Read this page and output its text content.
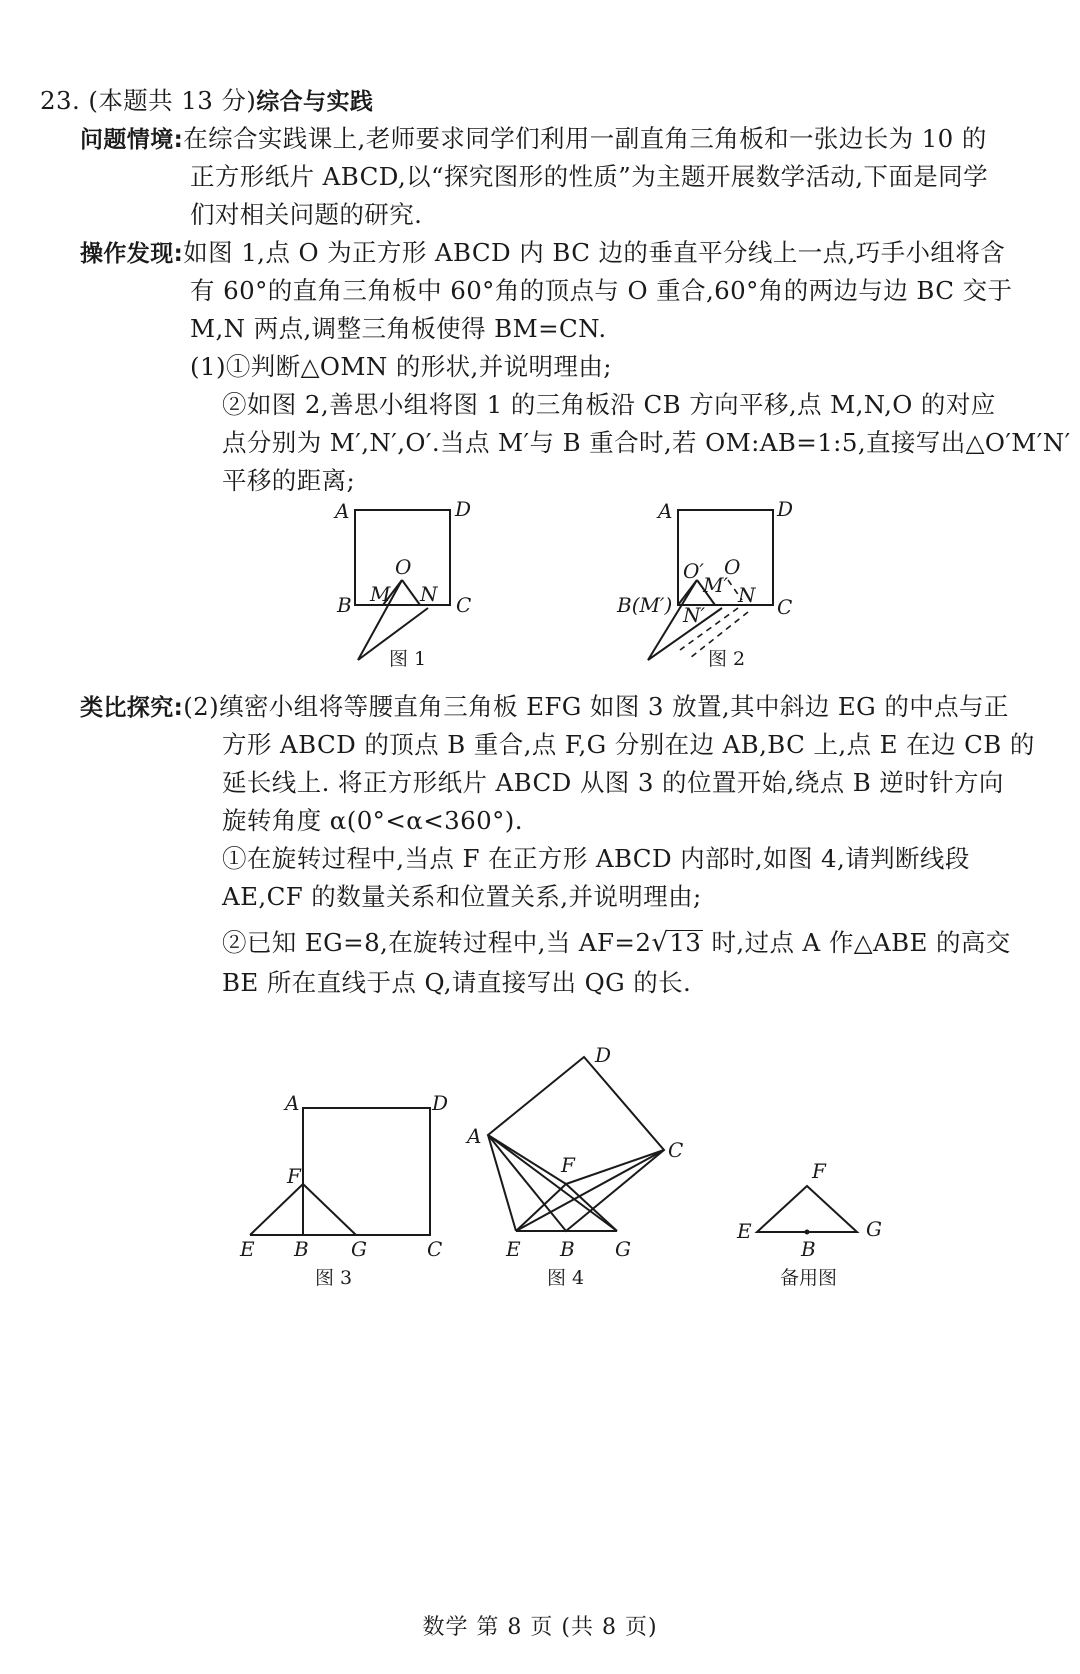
23. (本题共 13 分)综合与实践
问题情境:在综合实践课上,老师要求同学们利用一副直角三角板和一张边长为 10 的
正方形纸片 ABCD,以“探究图形的性质”为主题开展数学活动,下面是同学
们对相关问题的研究.
操作发现:如图 1,点 O 为正方形 ABCD 内 BC 边的垂直平分线上一点,巧手小组将含
有 60°的直角三角板中 60°角的顶点与 O 重合,60°角的两边与边 BC 交于
M,N 两点,调整三角板使得 BM=CN.
(1)①判断△OMN 的形状,并说明理由;
②如图 2,善思小组将图 1 的三角板沿 CB 方向平移,点 M,N,O 的对应
点分别为 M′,N′,O′.当点 M′与 B 重合时,若 OM:AB=1:5,直接写出△O′M′N′
平移的距离;
类比探究:(2)缜密小组将等腰直角三角板 EFG 如图 3 放置,其中斜边 EG 的中点与正
方形 ABCD 的顶点 B 重合,点 F,G 分别在边 AB,BC 上,点 E 在边 CB 的
延长线上. 将正方形纸片 ABCD 从图 3 的位置开始,绕点 B 逆时针方向
旋转角度 α(0°<α<360°).
①在旋转过程中,当点 F 在正方形 ABCD 内部时,如图 4,请判断线段
AE,CF 的数量关系和位置关系,并说明理由;
②已知 EG=8,在旋转过程中,当 AF=2√13 时,过点 A 作△ABE 的高交
BE 所在直线于点 Q,请直接写出 QG 的长.
A	D
B	C
O
M N
图 1
A	D
B(M′)	C
O′ O
M′ N
N′
图 2
A	D
F
E B G	C
图 3
A
D
C
F
E B G
图 4
F
E	G
B
备用图
数学 第 8 页 (共 8 页)
